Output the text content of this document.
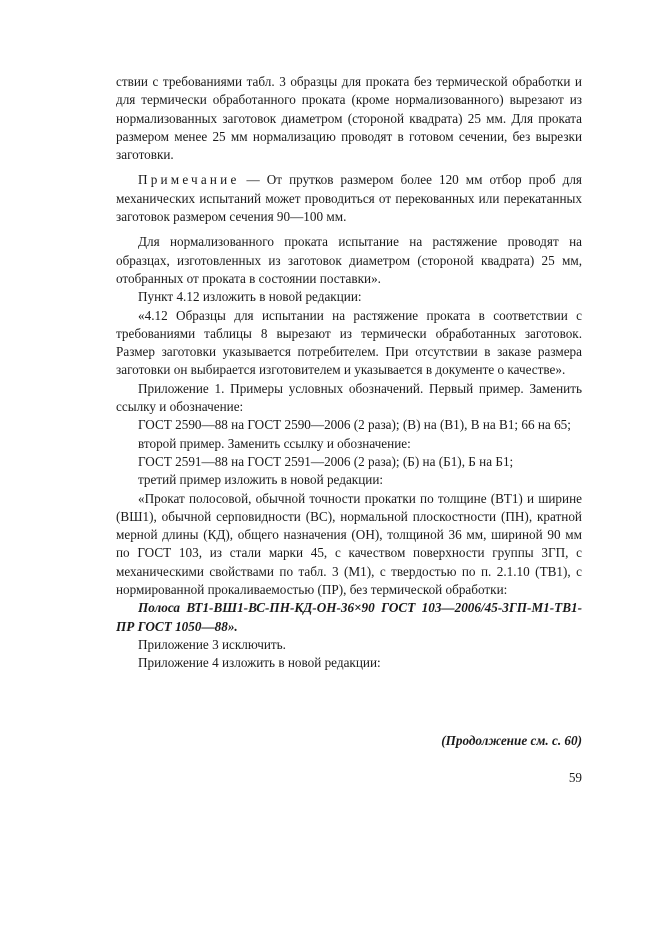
ствии с требованиями табл. 3 образцы для проката без термической обработки и для термически обработанного проката (кроме нормализованного) вырезают из нормализованных заготовок диаметром (стороной квадрата) 25 мм. Для проката размером менее 25 мм нормализацию проводят в готовом сечении, без вырезки заготовки.

Примечание — От прутков размером более 120 мм отбор проб для механических испытаний может проводиться от перекованных или перекатанных заготовок размером сечения 90—100 мм.

Для нормализованного проката испытание на растяжение проводят на образцах, изготовленных из заготовок диаметром (стороной квадрата) 25 мм, отобранных от проката в состоянии поставки».

Пункт 4.12 изложить в новой редакции:

«4.12 Образцы для испытании на растяжение проката в соответствии с требованиями таблицы 8 вырезают из термически обработанных заготовок. Размер заготовки указывается потребителем. При отсутствии в заказе размера заготовки он выбирается изготовителем и указывается в документе о качестве».

Приложение 1. Примеры условных обозначений. Первый пример. Заменить ссылку и обозначение:

ГОСТ 2590—88 на ГОСТ 2590—2006 (2 раза); (В) на (В1), В на В1; 66 на 65;

второй пример. Заменить ссылку и обозначение:

ГОСТ 2591—88 на ГОСТ 2591—2006 (2 раза); (Б) на (Б1), Б на Б1;

третий пример изложить в новой редакции:

«Прокат полосовой, обычной точности прокатки по толщине (ВТ1) и ширине (ВШ1), обычной серповидности (ВС), нормальной плоскостности (ПН), кратной мерной длины (КД), общего назначения (ОН), толщиной 36 мм, шириной 90 мм по ГОСТ 103, из стали марки 45, с качеством поверхности группы 3ГП, с механическими свойствами по табл. 3 (М1), с твердостью по п. 2.1.10 (ТВ1), с нормированной прокаливаемостью (ПР), без термической обработки:

Полоса ВТ1-ВШ1-ВС-ПН-КД-ОН-36×90 ГОСТ 103—2006/45-3ГП-М1-ТВ1-ПР ГОСТ 1050—88».

Приложение 3 исключить.

Приложение 4 изложить в новой редакции:

(Продолжение см. с. 60)
59
